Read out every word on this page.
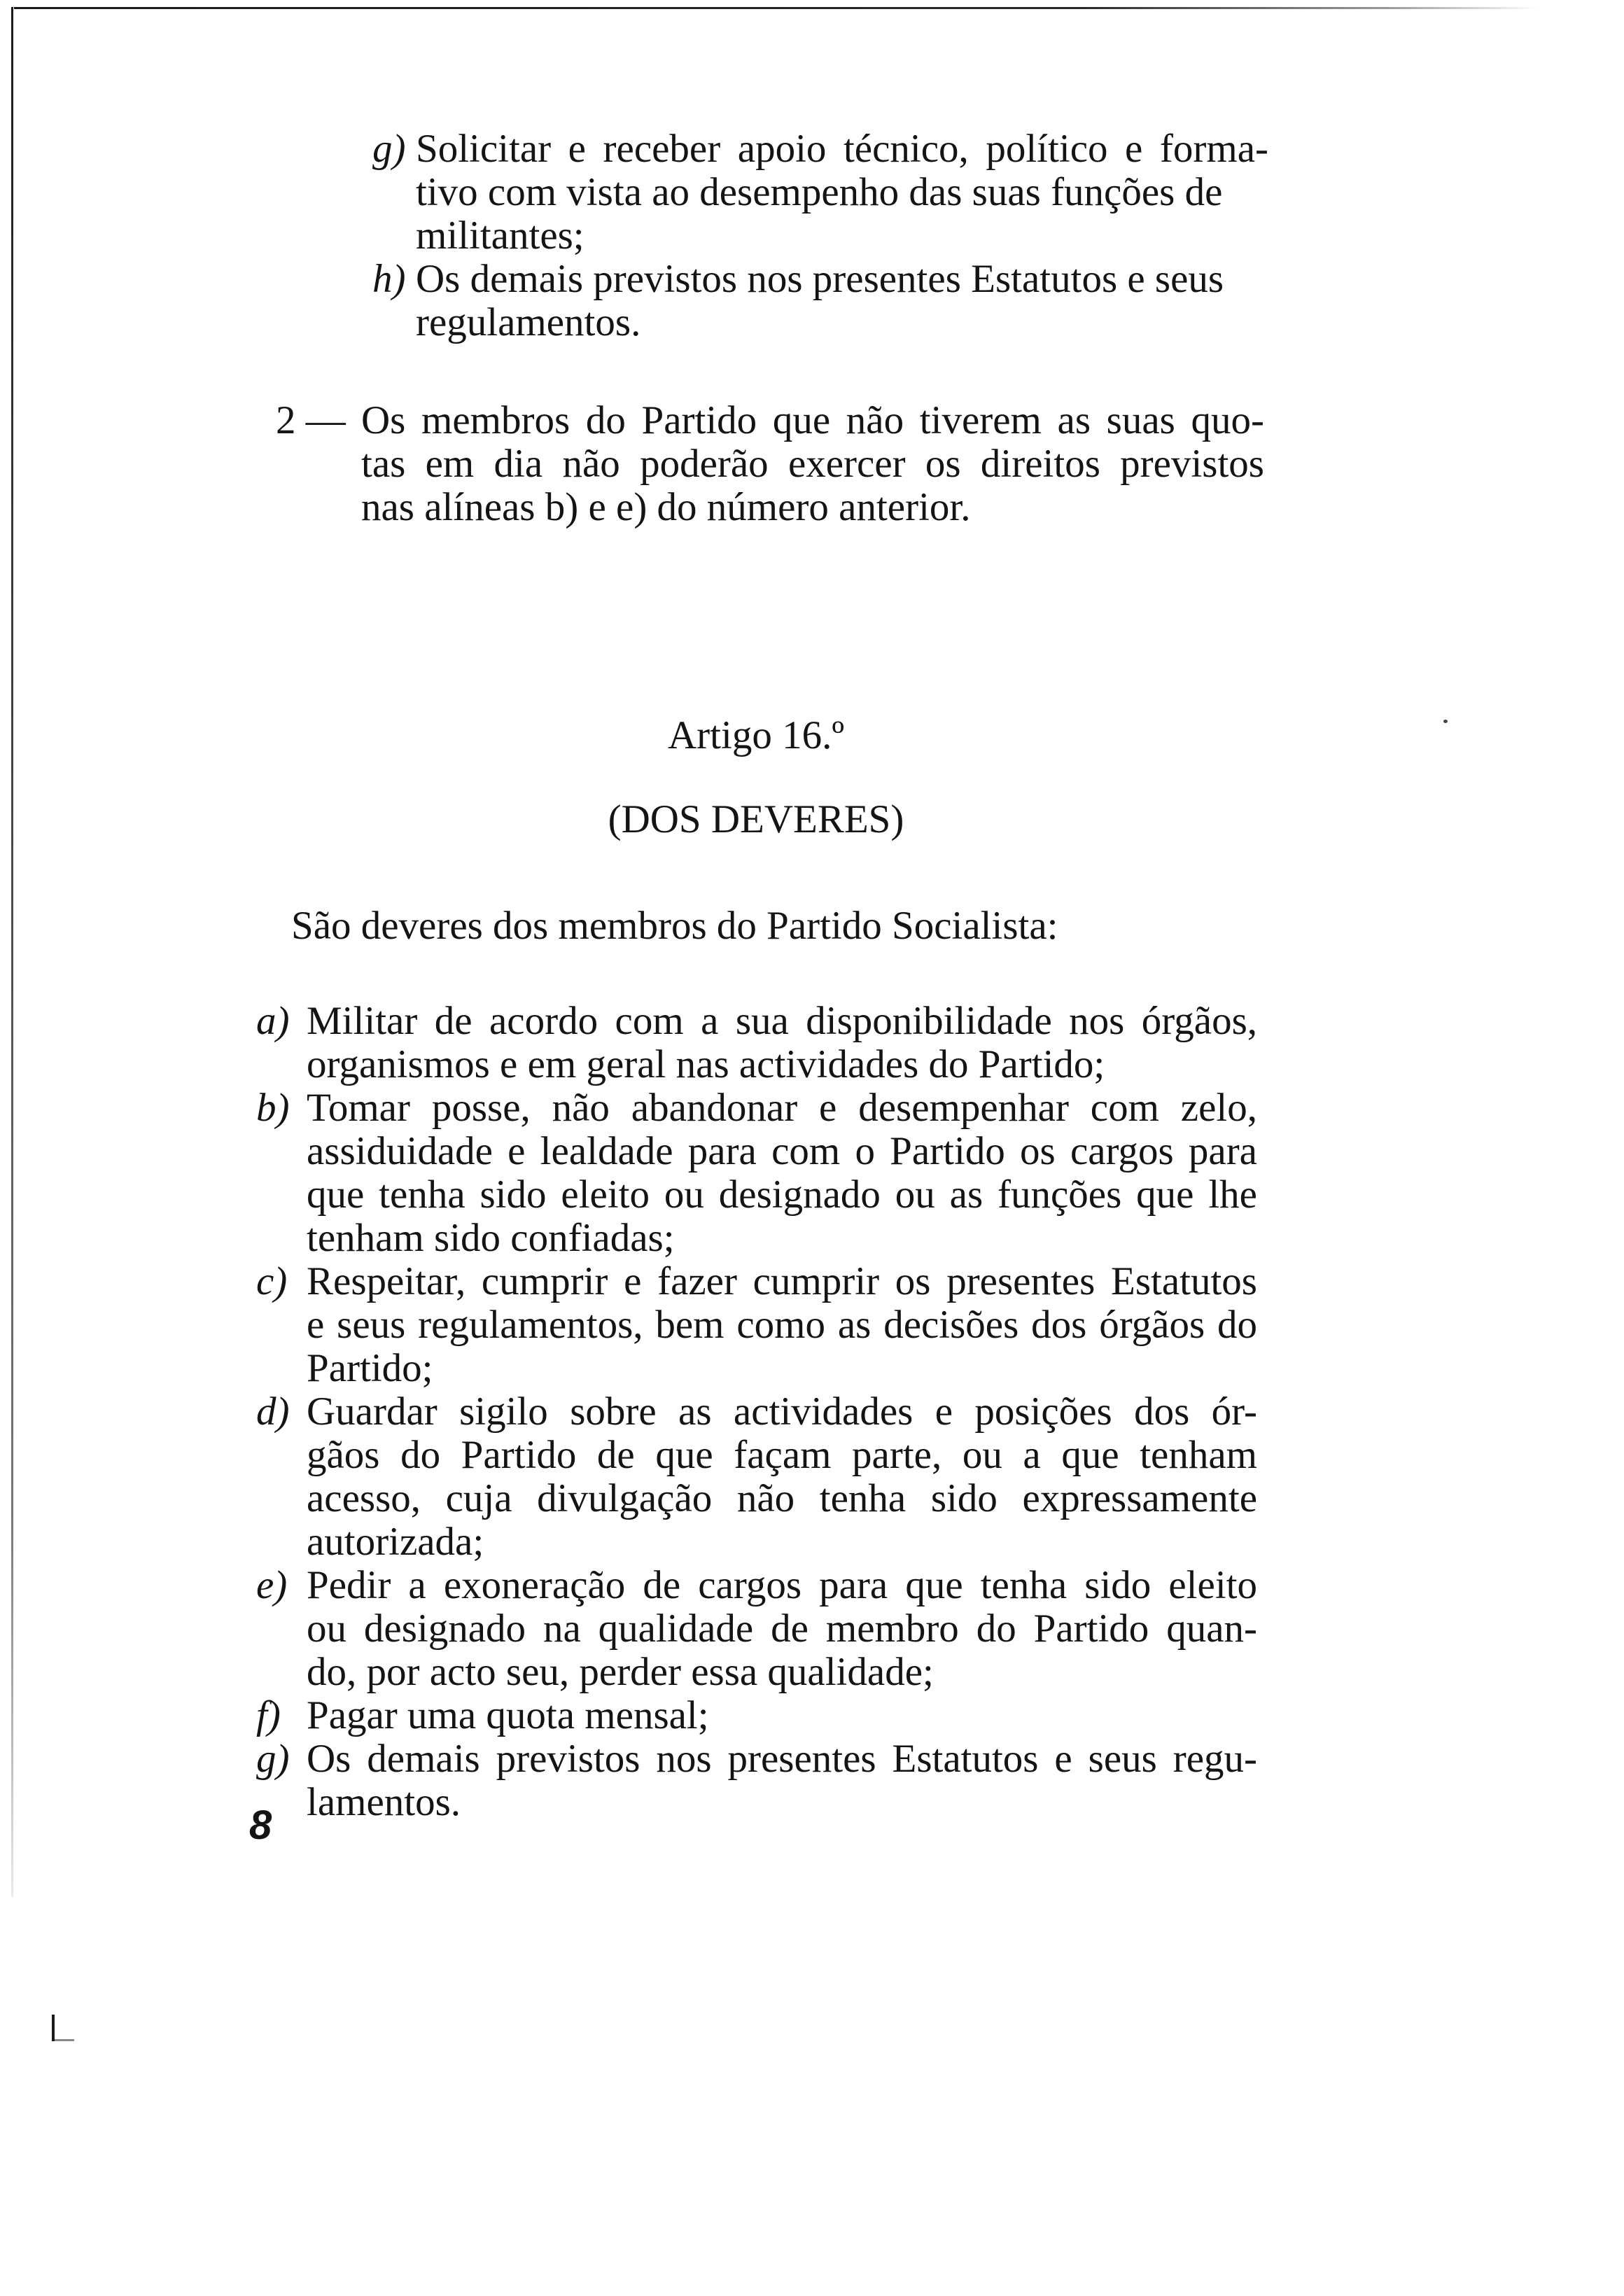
g) Solicitar e receber apoio técnico, político e forma-
tivo com vista ao desempenho das suas funções de
militantes;
h) Os demais previstos nos presentes Estatutos e seus
regulamentos.
2 — Os membros do Partido que não tiverem as suas quo-
tas em dia não poderão exercer os direitos previstos
nas alíneas b) e e) do número anterior.
Artigo 16.º
(DOS DEVERES)
São deveres dos membros do Partido Socialista:
a) Militar de acordo com a sua disponibilidade nos órgãos,
organismos e em geral nas actividades do Partido;
b) Tomar posse, não abandonar e desempenhar com zelo,
assiduidade e lealdade para com o Partido os cargos para
que tenha sido eleito ou designado ou as funções que lhe
tenham sido confiadas;
c) Respeitar, cumprir e fazer cumprir os presentes Estatutos
e seus regulamentos, bem como as decisões dos órgãos do
Partido;
d) Guardar sigilo sobre as actividades e posições dos ór-
gãos do Partido de que façam parte, ou a que tenham
acesso, cuja divulgação não tenha sido expressamente
autorizada;
e) Pedir a exoneração de cargos para que tenha sido eleito
ou designado na qualidade de membro do Partido quan-
do, por acto seu, perder essa qualidade;
f) Pagar uma quota mensal;
g) Os demais previstos nos presentes Estatutos e seus regu-
lamentos.
8
